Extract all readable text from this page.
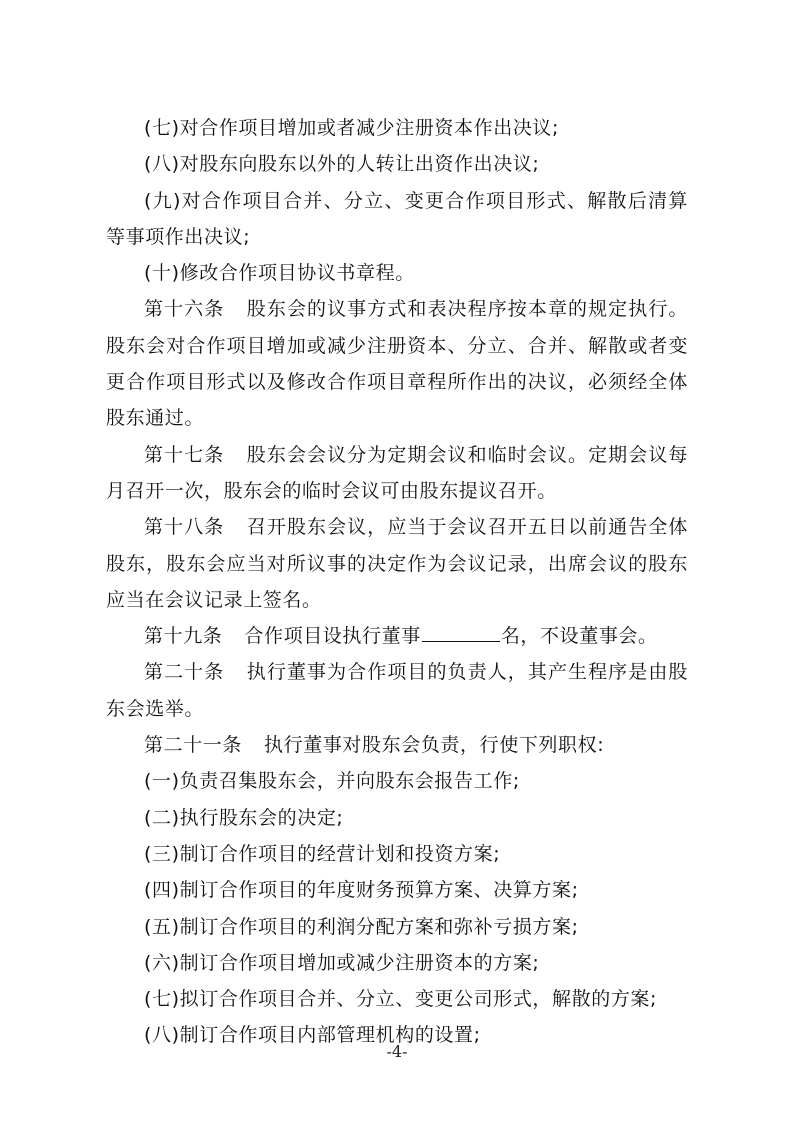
(七)对合作项目增加或者减少注册资本作出决议;

(八)对股东向股东以外的人转让出资作出决议;

(九)对合作项目合并、分立、变更合作项目形式、解散后清算等事项作出决议;

(十)修改合作项目协议书章程。

第十六条 股东会的议事方式和表决程序按本章的规定执行。股东会对合作项目增加或减少注册资本、分立、合并、解散或者变更合作项目形式以及修改合作项目章程所作出的决议，必须经全体股东通过。

第十七条 股东会会议分为定期会议和临时会议。定期会议每月召开一次，股东会的临时会议可由股东提议召开。

第十八条 召开股东会议，应当于会议召开五日以前通告全体股东，股东会应当对所议事的决定作为会议记录，出席会议的股东应当在会议记录上签名。

第十九条 合作项目设执行董事	名，不设董事会。

第二十条 执行董事为合作项目的负责人，其产生程序是由股东会选举。

第二十一条 执行董事对股东会负责，行使下列职权:

(一)负责召集股东会，并向股东会报告工作;

(二)执行股东会的决定;

(三)制订合作项目的经营计划和投资方案;

(四)制订合作项目的年度财务预算方案、决算方案;

(五)制订合作项目的利润分配方案和弥补亏损方案;

(六)制订合作项目增加或减少注册资本的方案;

(七)拟订合作项目合并、分立、变更公司形式，解散的方案;

(八)制订合作项目内部管理机构的设置;

-4-
